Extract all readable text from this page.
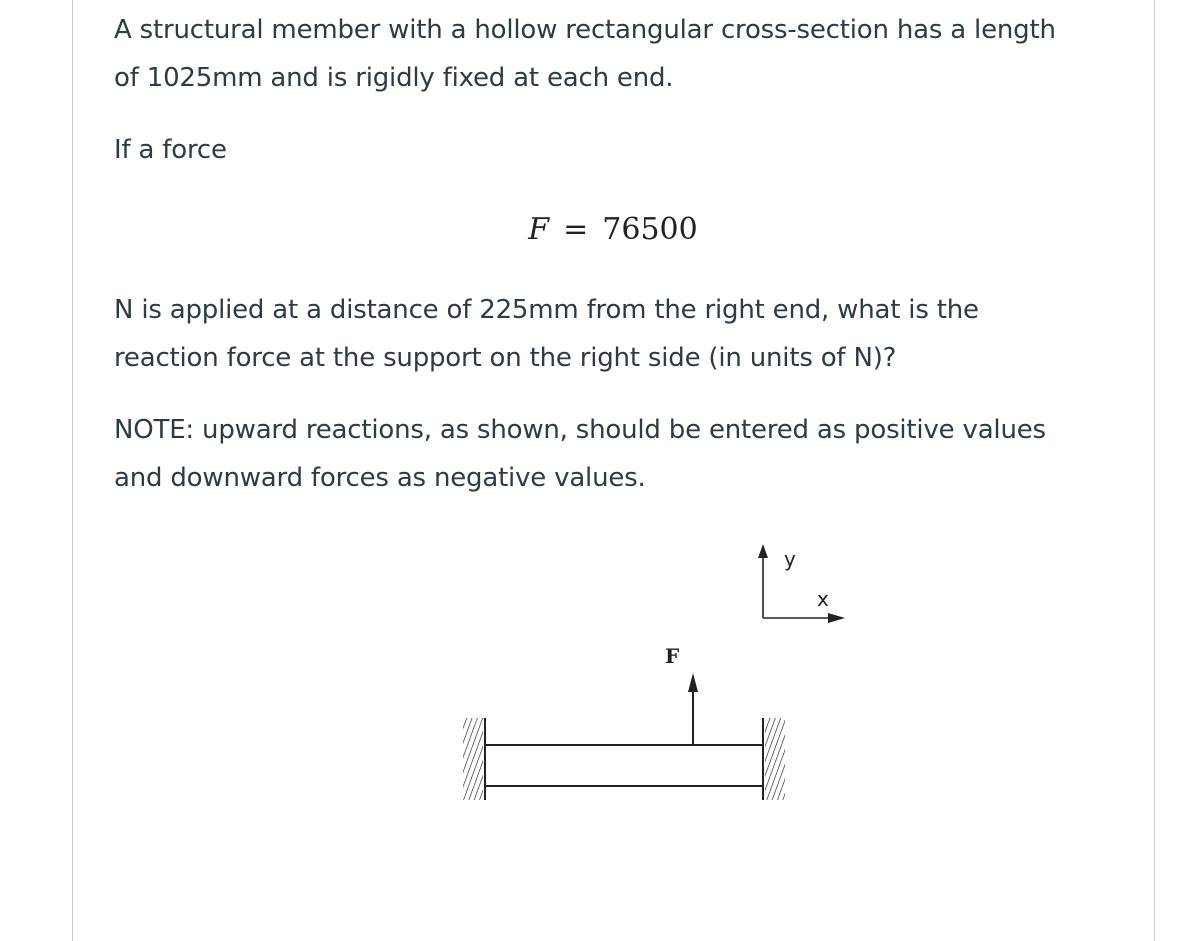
A structural member with a hollow rectangular cross-section has a length of 1025mm and is rigidly fixed at each end.

If a force

F = 76500

N is applied at a distance of 225mm from the right end, what is the reaction force at the support on the right side (in units of N)?

NOTE: upward reactions, as shown, should be entered as positive values and downward forces as negative values.

F
y
x
